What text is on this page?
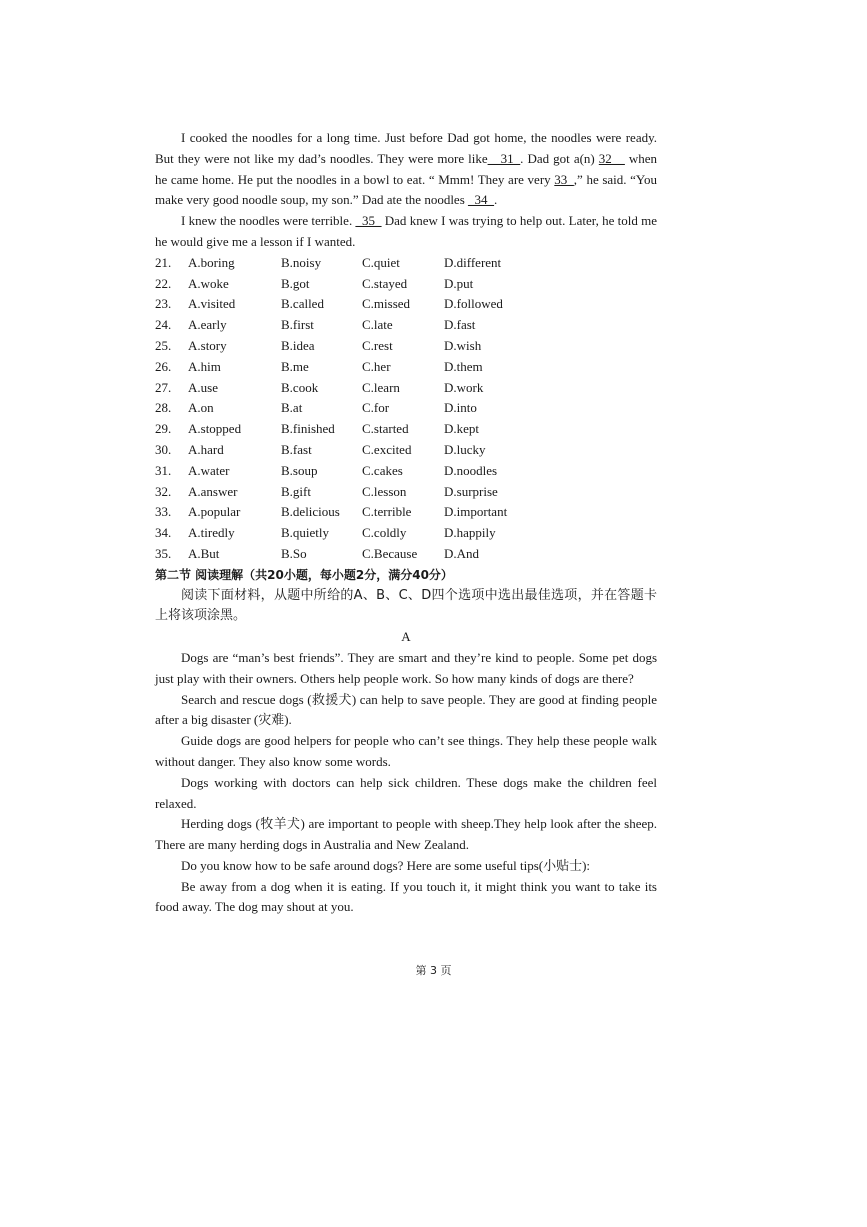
I cooked the noodles for a long time. Just before Dad got home, the noodles were ready. But they were not like my dad’s noodles. They were more like__31_. Dad got a(n) 32__ when he came home. He put the noodles in a bowl to eat. “ Mmm! They are very 33_,” he said. “You make very good noodle soup, my son.” Dad ate the noodles _34_.

I knew the noodles were terrible. _35_ Dad knew I was trying to help out. Later, he told me he would give me a lesson if I wanted.

21.	A.boring	B.noisy	C.quiet	D.different
22.	A.woke	B.got	C.stayed	D.put
23.	A.visited	B.called	C.missed	D.followed
24.	A.early	B.first	C.late	D.fast
25.	A.story	B.idea	C.rest	D.wish
26.	A.him	B.me	C.her	D.them
27.	A.use	B.cook	C.learn	D.work
28.	A.on	B.at	C.for	D.into
29.	A.stopped	B.finished	C.started	D.kept
30.	A.hard	B.fast	C.excited	D.lucky
31.	A.water	B.soup	C.cakes	D.noodles
32.	A.answer	B.gift	C.lesson	D.surprise
33.	A.popular	B.delicious	C.terrible	D.important
34.	A.tiredly	B.quietly	C.coldly	D.happily
35.	A.But	B.So	C.Because	D.And

第二节 阅读理解（共20小题，每小题2分，满分40分）

阅读下面材料，从题中所给的A、B、C、D四个选项中选出最佳选项，并在答题卡上将该项涂黑。

A

Dogs are “man’s best friends”. They are smart and they’re kind to people. Some pet dogs just play with their owners. Others help people work. So how many kinds of dogs are there?

Search and rescue dogs (救援犬) can help to save people. They are good at finding people after a big disaster (灾难).

Guide dogs are good helpers for people who can’t see things. They help these people walk without danger. They also know some words.

Dogs working with doctors can help sick children. These dogs make the children feel relaxed.

Herding dogs (牧羊犬) are important to people with sheep.They help look after the sheep. There are many herding dogs in Australia and New Zealand.

Do you know how to be safe around dogs? Here are some useful tips(小贴士):

Be away from a dog when it is eating. If you touch it, it might think you want to take its food away. The dog may shout at you.

第 3 页
